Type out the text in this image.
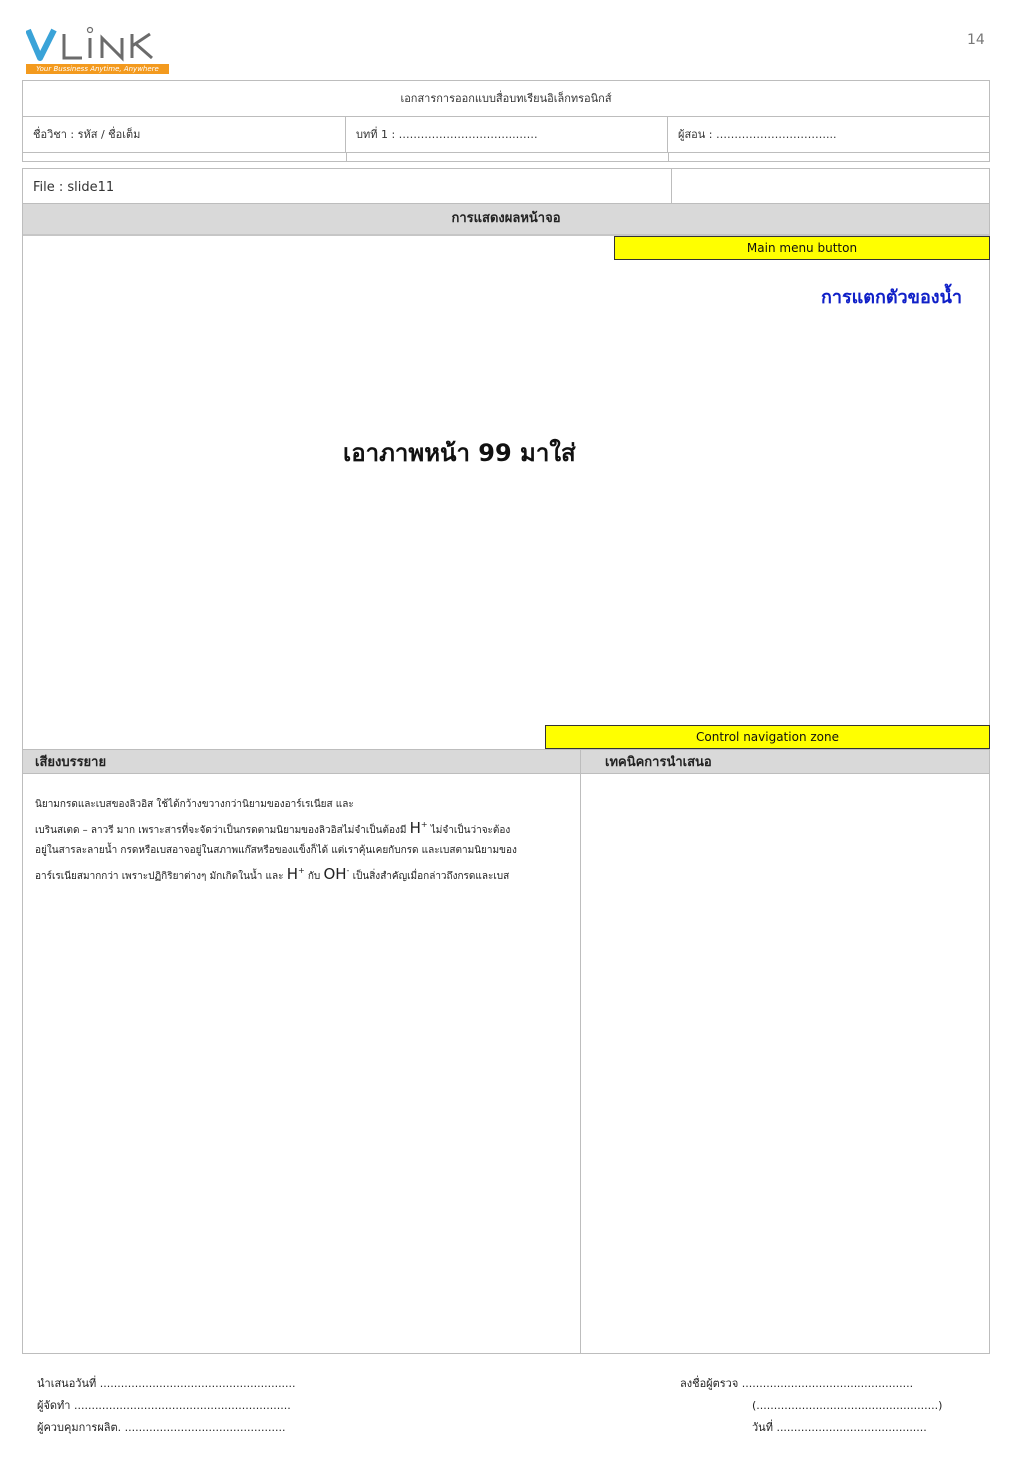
14
Your Bussiness Anytime, Anywhere
เอกสารการออกแบบสื่อบทเรียนอิเล็กทรอนิกส์
ชื่อวิชา : รหัส / ชื่อเต็ม	บทที่ 1 : …………………………..……	ผู้สอน : …………………………...
File : slide11
การแสดงผลหน้าจอ
Main menu button
การแตกตัวของน้ำ
เอาภาพหน้า 99 มาใส่
Control navigation zone
เสียงบรรยาย	เทคนิคการนำเสนอ
นิยามกรดและเบสของลิวอิส ใช้ได้กว้างขวางกว่านิยามของอาร์เรเนียส และ
เบรินสเตด – ลาวรี มาก เพราะสารที่จะจัดว่าเป็นกรดตามนิยามของลิวอิสไม่จำเป็นต้องมี H+ ไม่จำเป็นว่าจะต้อง
อยู่ในสารละลายน้ำ กรดหรือเบสอาจอยู่ในสภาพแก๊สหรือของแข็งก็ได้ แต่เราคุ้นเคยกับกรด และเบสตามนิยามของ
อาร์เรเนียสมากกว่า เพราะปฏิกิริยาต่างๆ มักเกิดในน้ำ และ H+ กับ OH- เป็นสิ่งสำคัญเมื่อกล่าวถึงกรดและเบส
นำเสนอวันที่ ........................................................
ผู้จัดทำ ..............................................................
ผู้ควบคุมการผลิต. ..............................................
ลงชื่อผู้ตรวจ .................................................
(....................................................)
วันที่ ...........................................
